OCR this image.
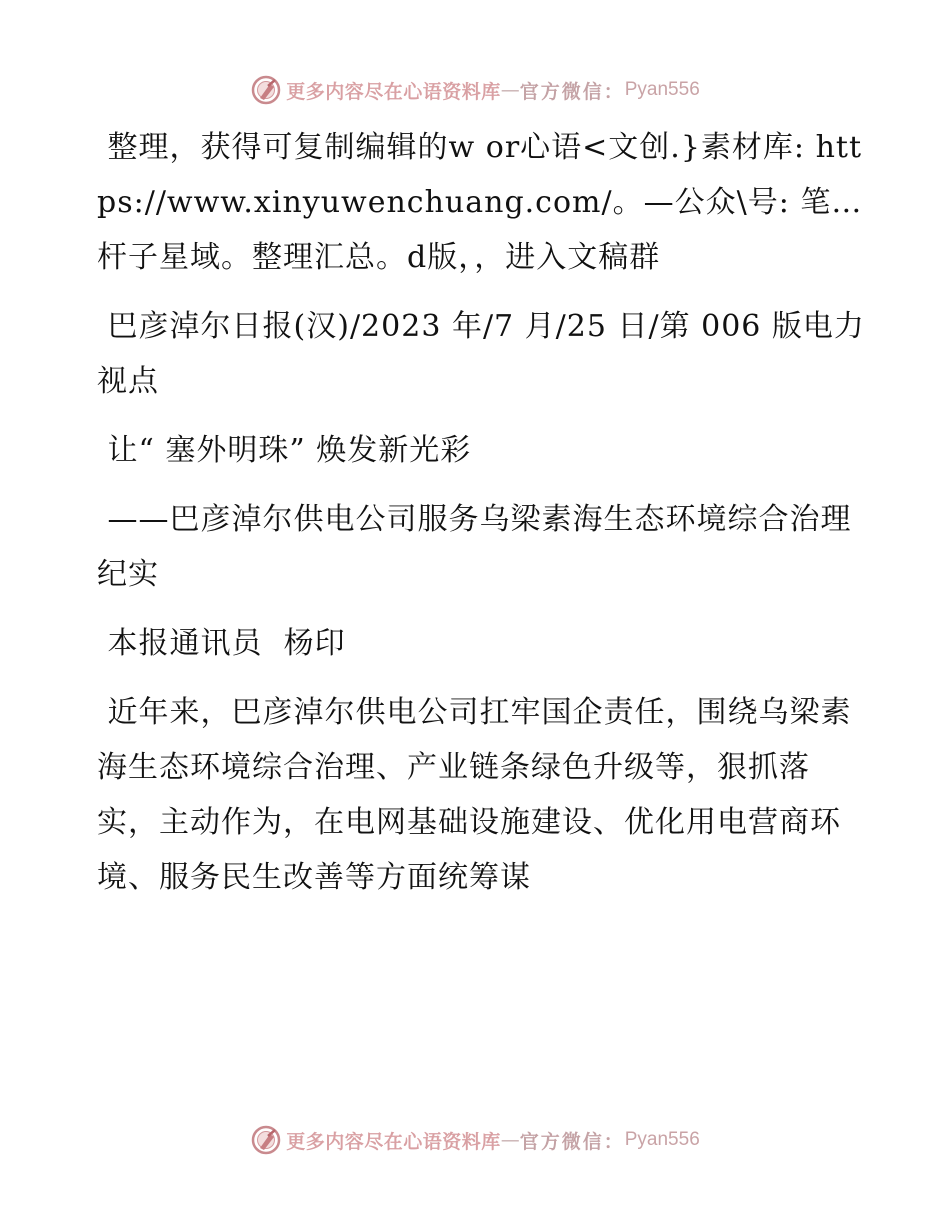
更多内容尽在心语资料库 — 官方微信： Pyan556

整理，获得可复制编辑的w or心语<文创.}素材库: https://www.xinyuwenchuang.com/。—公众\号: 笔…杆子星域。整理汇总。d版，，进入文稿群

巴彦淖尔日报(汉)/2023 年/7 月/25 日/第 006 版电力视点

让“ 塞外明珠” 焕发新光彩

——巴彦淖尔供电公司服务乌梁素海生态环境综合治理纪实

本报通讯员  杨印

近年来，巴彦淖尔供电公司扛牢国企责任，围绕乌梁素海生态环境综合治理、产业链条绿色升级等，狠抓落实，主动作为，在电网基础设施建设、优化用电营商环境、服务民生改善等方面统筹谋

更多内容尽在心语资料库 — 官方微信： Pyan556
